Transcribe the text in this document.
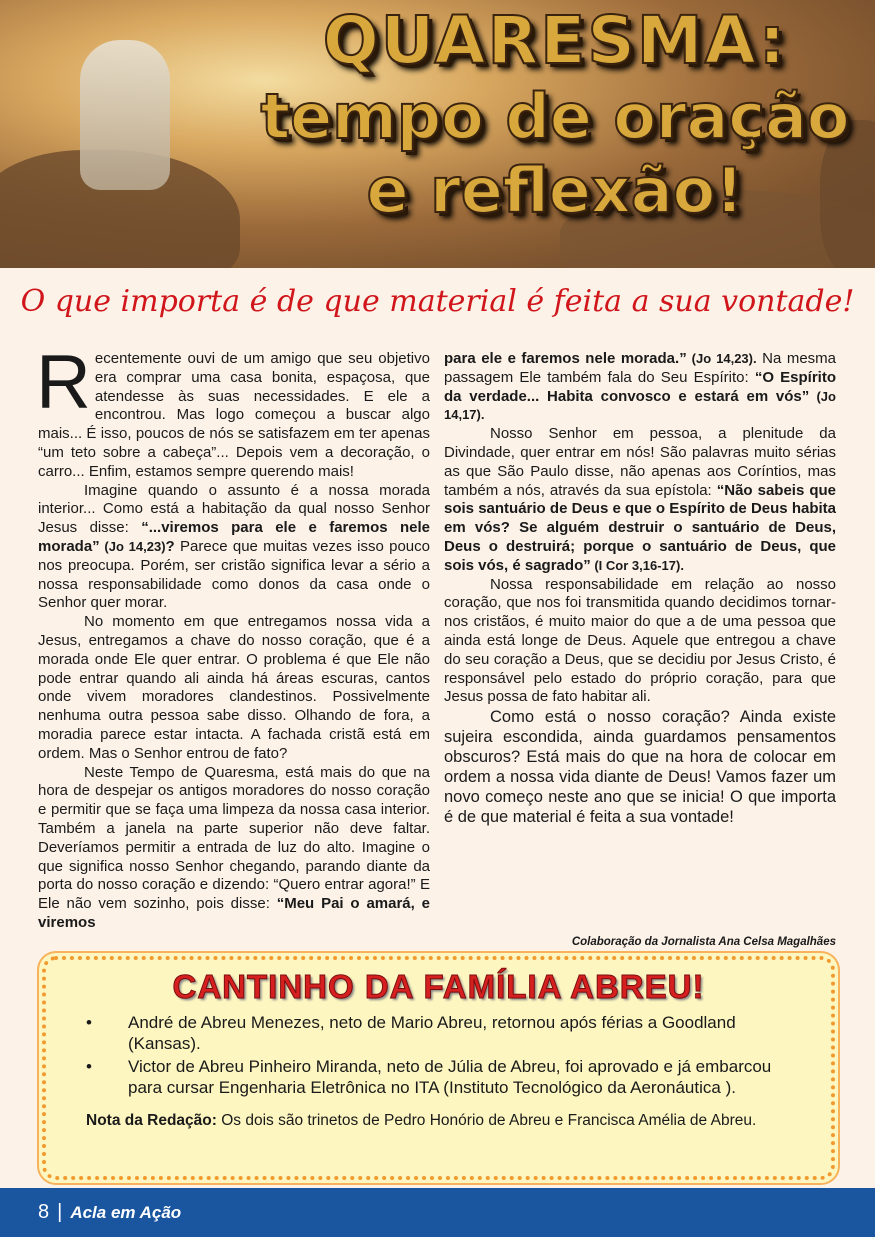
QUARESMA:
tempo de oração
e reflexão!
O que importa é de que material é feita a sua vontade!

Recentemente ouvi de um amigo que seu objetivo era comprar uma casa bonita, espaçosa, que atendesse às suas necessidades. E ele a encontrou. Mas logo começou a buscar algo mais... É isso, poucos de nós se satisfazem em ter apenas “um teto sobre a cabeça”... Depois vem a decoração, o carro... Enfim, estamos sempre querendo mais!

Imagine quando o assunto é a nossa morada interior... Como está a habitação da qual nosso Senhor Jesus disse: “...viremos para ele e faremos nele morada” (Jo 14,23)? Parece que muitas vezes isso pouco nos preocupa. Porém, ser cristão significa levar a sério a nossa responsabilidade como donos da casa onde o Senhor quer morar.

No momento em que entregamos nossa vida a Jesus, entregamos a chave do nosso coração, que é a morada onde Ele quer entrar. O problema é que Ele não pode entrar quando ali ainda há áreas escuras, cantos onde vivem moradores clandestinos. Possivelmente nenhuma outra pessoa sabe disso. Olhando de fora, a moradia parece estar intacta. A fachada cristã está em ordem. Mas o Senhor entrou de fato?

Neste Tempo de Quaresma, está mais do que na hora de despejar os antigos moradores do nosso coração e permitir que se faça uma limpeza da nossa casa interior. Também a janela na parte superior não deve faltar. Deveríamos permitir a entrada de luz do alto. Imagine o que significa nosso Senhor chegando, parando diante da porta do nosso coração e dizendo: “Quero entrar agora!” E Ele não vem sozinho, pois disse: “Meu Pai o amará, e viremos

para ele e faremos nele morada.” (Jo 14,23). Na mesma passagem Ele também fala do Seu Espírito: “O Espírito da verdade... Habita convosco e estará em vós” (Jo 14,17).

Nosso Senhor em pessoa, a plenitude da Divindade, quer entrar em nós! São palavras muito sérias as que São Paulo disse, não apenas aos Coríntios, mas também a nós, através da sua epístola: “Não sabeis que sois santuário de Deus e que o Espírito de Deus habita em vós? Se alguém destruir o santuário de Deus, Deus o destruirá; porque o santuário de Deus, que sois vós, é sagrado” (I Cor 3,16-17).

Nossa responsabilidade em relação ao nosso coração, que nos foi transmitida quando decidimos tornar-nos cristãos, é muito maior do que a de uma pessoa que ainda está longe de Deus. Aquele que entregou a chave do seu coração a Deus, que se decidiu por Jesus Cristo, é responsável pelo estado do próprio coração, para que Jesus possa de fato habitar ali.

Como está o nosso coração? Ainda existe sujeira escondida, ainda guardamos pensamentos obscuros? Está mais do que na hora de colocar em ordem a nossa vida diante de Deus! Vamos fazer um novo começo neste ano que se inicia! O que importa é de que material é feita a sua vontade!

Colaboração da Jornalista Ana Celsa Magalhães
CANTINHO DA FAMÍLIA ABREU!
• André de Abreu Menezes, neto de Mario Abreu, retornou após férias a Goodland (Kansas).
• Victor de Abreu Pinheiro Miranda, neto de Júlia de Abreu, foi aprovado e já embarcou para cursar Engenharia Eletrônica no ITA (Instituto Tecnológico da Aeronáutica ).

Nota da Redação: Os dois são trinetos de Pedro Honório de Abreu e Francisca Amélia de Abreu.

8 | Acla em Ação
